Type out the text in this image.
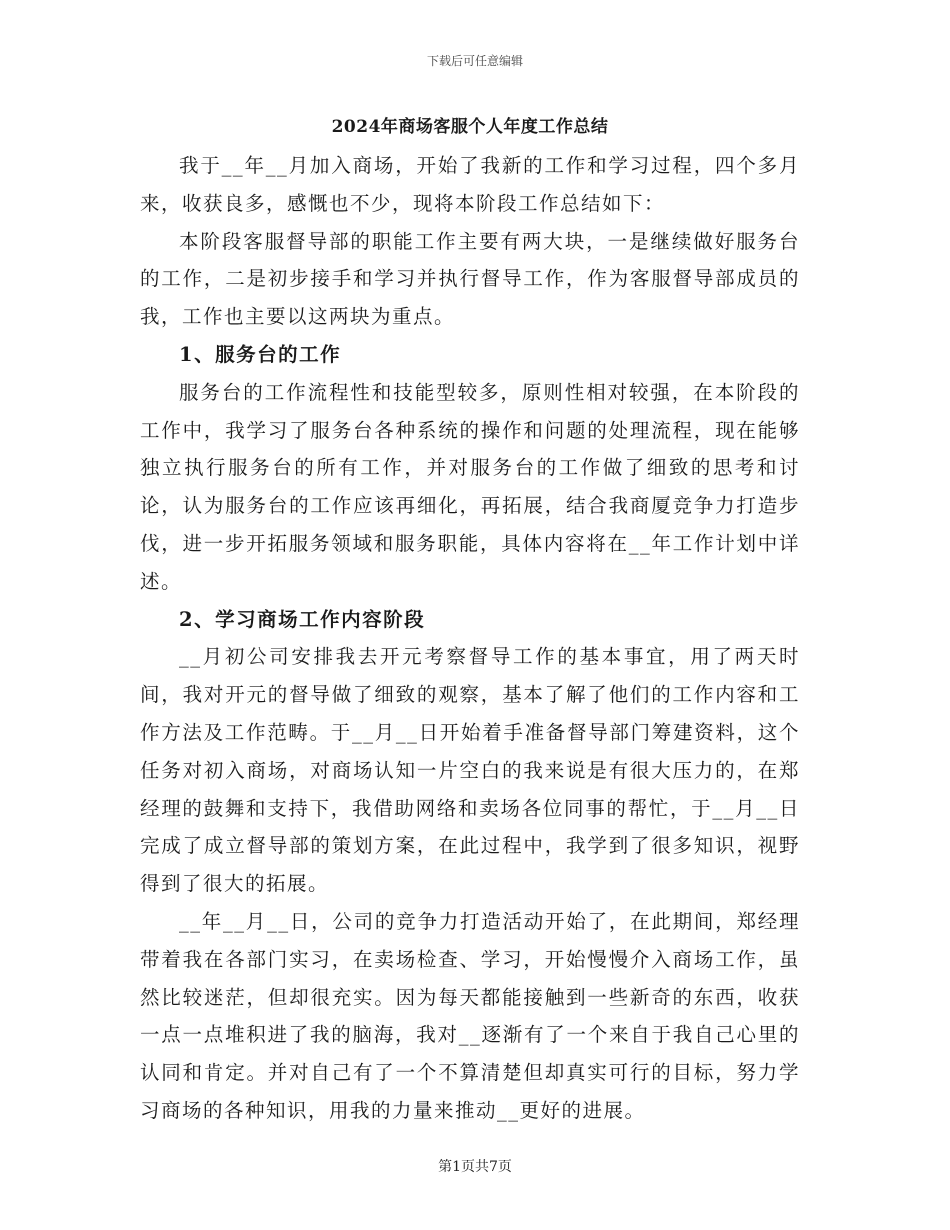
下载后可任意编辑
2024年商场客服个人年度工作总结

我于__年__月加入商场，开始了我新的工作和学习过程，四个多月来，收获良多，感慨也不少，现将本阶段工作总结如下：

本阶段客服督导部的职能工作主要有两大块，一是继续做好服务台的工作，二是初步接手和学习并执行督导工作，作为客服督导部成员的我，工作也主要以这两块为重点。

1、服务台的工作

服务台的工作流程性和技能型较多，原则性相对较强，在本阶段的工作中，我学习了服务台各种系统的操作和问题的处理流程，现在能够独立执行服务台的所有工作，并对服务台的工作做了细致的思考和讨论，认为服务台的工作应该再细化，再拓展，结合我商厦竞争力打造步伐，进一步开拓服务领域和服务职能，具体内容将在__年工作计划中详述。

2、学习商场工作内容阶段

__月初公司安排我去开元考察督导工作的基本事宜，用了两天时间，我对开元的督导做了细致的观察，基本了解了他们的工作内容和工作方法及工作范畴。于__月__日开始着手准备督导部门筹建资料，这个任务对初入商场，对商场认知一片空白的我来说是有很大压力的，在郑经理的鼓舞和支持下，我借助网络和卖场各位同事的帮忙，于__月__日完成了成立督导部的策划方案，在此过程中，我学到了很多知识，视野得到了很大的拓展。

__年__月__日，公司的竞争力打造活动开始了，在此期间，郑经理带着我在各部门实习，在卖场检查、学习，开始慢慢介入商场工作，虽然比较迷茫，但却很充实。因为每天都能接触到一些新奇的东西，收获一点一点堆积进了我的脑海，我对__逐渐有了一个来自于我自己心里的认同和肯定。并对自己有了一个不算清楚但却真实可行的目标，努力学习商场的各种知识，用我的力量来推动__更好的进展。

第1页共7页
